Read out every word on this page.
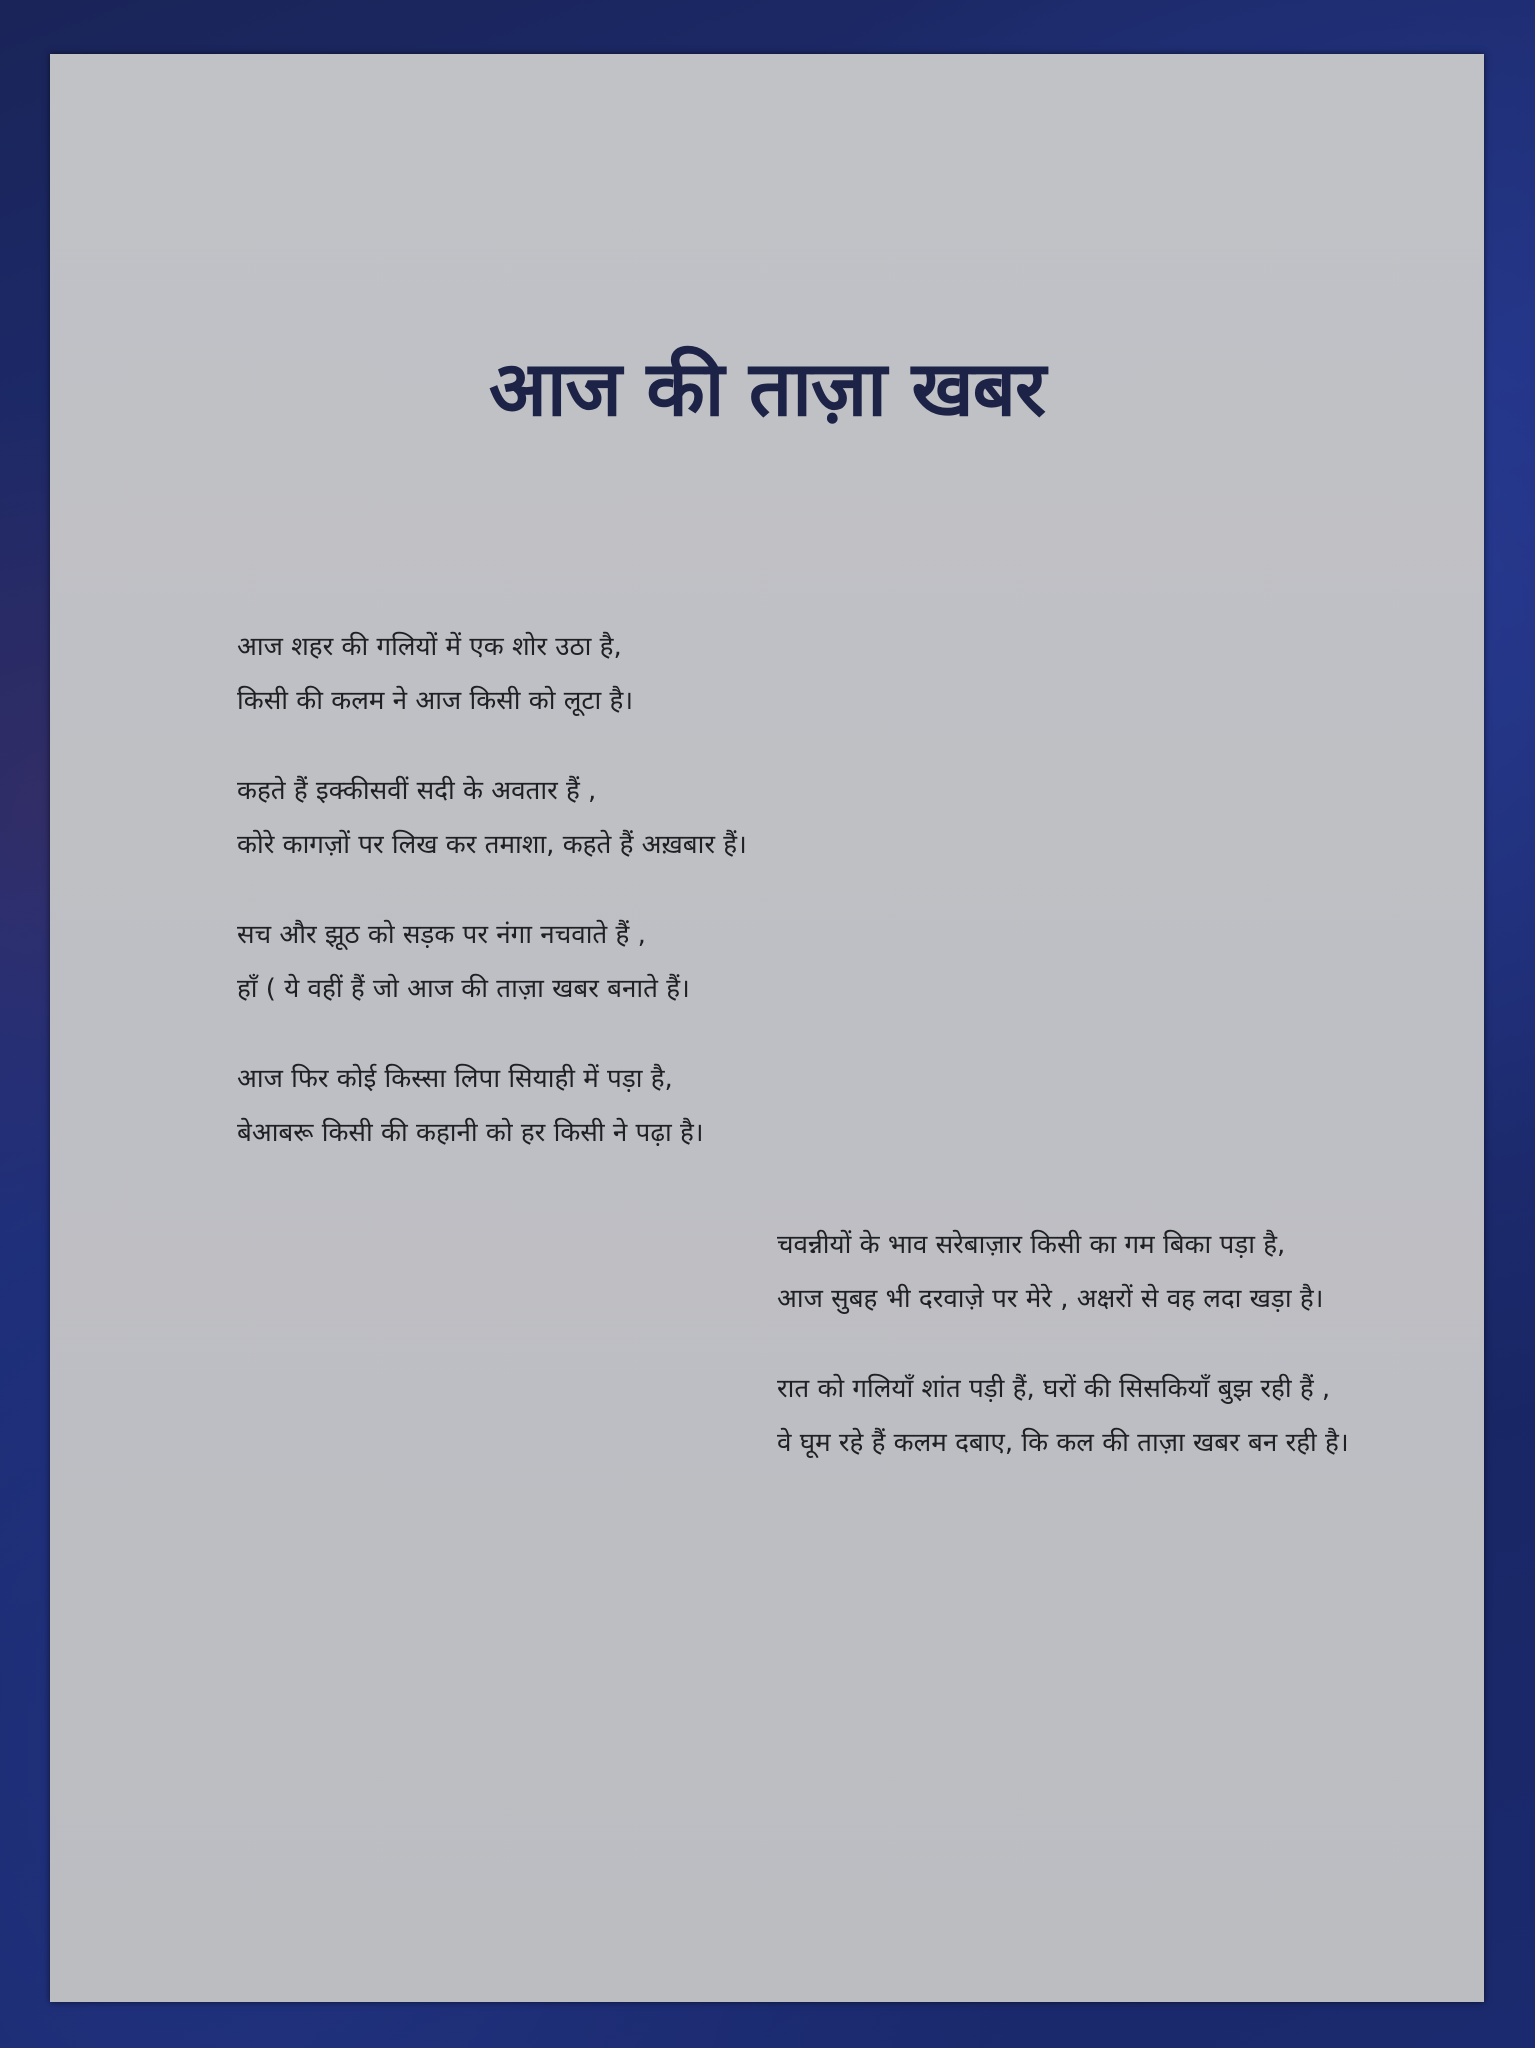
आज की ताज़ा खबर
आज शहर की गलियों में एक शोर उठा है,
किसी की कलम ने आज किसी को लूटा है।
कहते हैं इक्कीसवीं सदी के अवतार हैं ,
कोरे कागज़ों पर लिख कर तमाशा, कहते हैं अख़बार हैं।
सच और झूठ को सड़क पर नंगा नचवाते हैं ,
हाँ ( ये वहीं हैं जो आज की ताज़ा खबर बनाते हैं।
आज फिर कोई किस्सा लिपा सियाही में पड़ा है,
बेआबरू किसी की कहानी को हर किसी ने पढ़ा है।
चवन्नीयों के भाव सरेबाज़ार किसी का गम बिका पड़ा है,
आज सुबह भी दरवाज़े पर मेरे , अक्षरों से वह लदा खड़ा है।
रात को गलियाँ शांत पड़ी हैं, घरों की सिसकियाँ बुझ रही हैं ,
वे घूम रहे हैं कलम दबाए, कि कल की ताज़ा खबर बन रही है।
